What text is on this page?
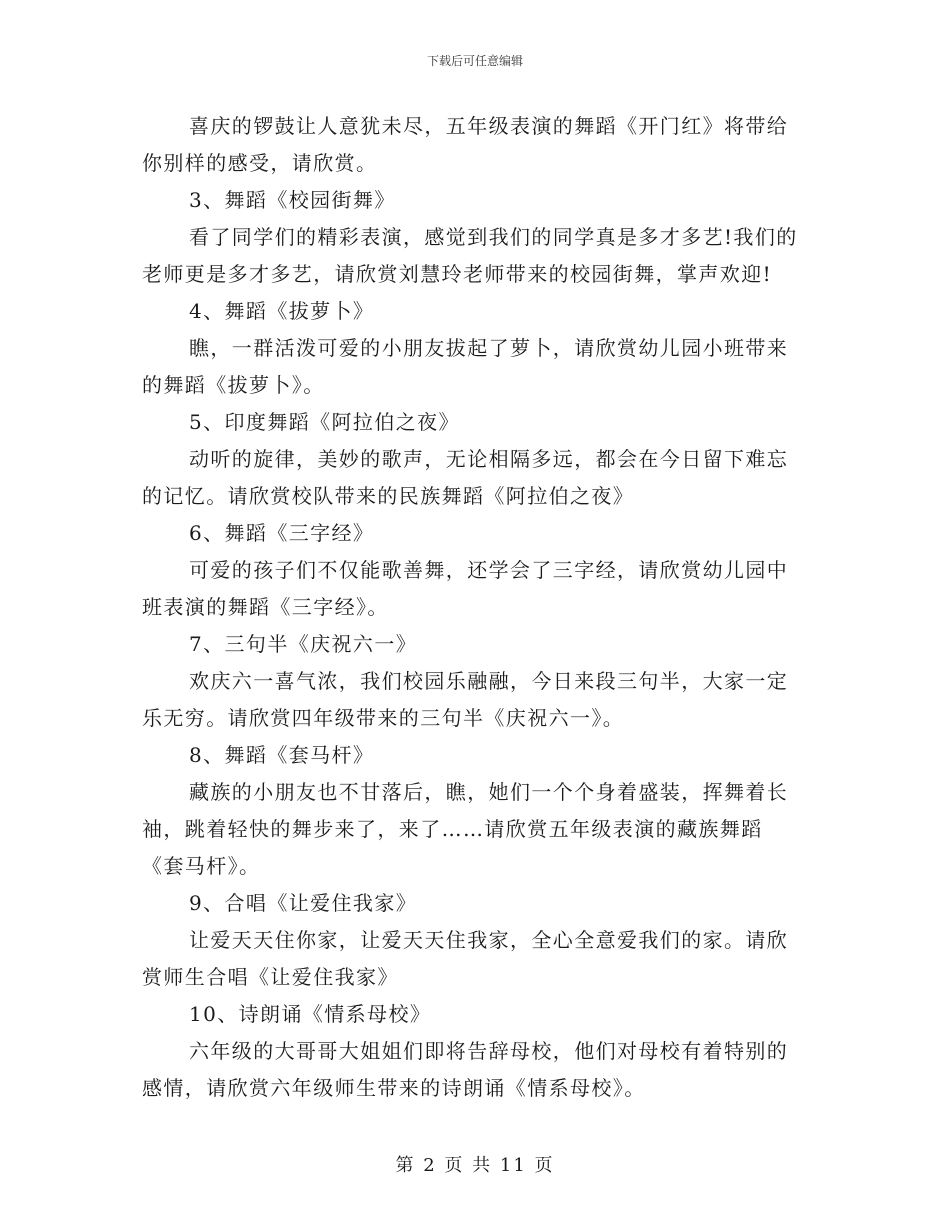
下载后可任意编辑
喜庆的锣鼓让人意犹未尽，五年级表演的舞蹈《开门红》将带给
你别样的感受，请欣赏。
3、舞蹈《校园街舞》
看了同学们的精彩表演，感觉到我们的同学真是多才多艺!我们的
老师更是多才多艺，请欣赏刘慧玲老师带来的校园街舞，掌声欢迎!
4、舞蹈《拔萝卜》
瞧，一群活泼可爱的小朋友拔起了萝卜，请欣赏幼儿园小班带来
的舞蹈《拔萝卜》。
5、印度舞蹈《阿拉伯之夜》
动听的旋律，美妙的歌声，无论相隔多远，都会在今日留下难忘
的记忆。请欣赏校队带来的民族舞蹈《阿拉伯之夜》
6、舞蹈《三字经》
可爱的孩子们不仅能歌善舞，还学会了三字经，请欣赏幼儿园中
班表演的舞蹈《三字经》。
7、三句半《庆祝六一》
欢庆六一喜气浓，我们校园乐融融，今日来段三句半，大家一定
乐无穷。请欣赏四年级带来的三句半《庆祝六一》。
8、舞蹈《套马杆》
藏族的小朋友也不甘落后，瞧，她们一个个身着盛装，挥舞着长
袖，跳着轻快的舞步来了，来了……请欣赏五年级表演的藏族舞蹈
《套马杆》。
9、合唱《让爱住我家》
让爱天天住你家，让爱天天住我家，全心全意爱我们的家。请欣
赏师生合唱《让爱住我家》
10、诗朗诵《情系母校》
六年级的大哥哥大姐姐们即将告辞母校，他们对母校有着特别的
感情，请欣赏六年级师生带来的诗朗诵《情系母校》。
第 2 页 共 11 页
